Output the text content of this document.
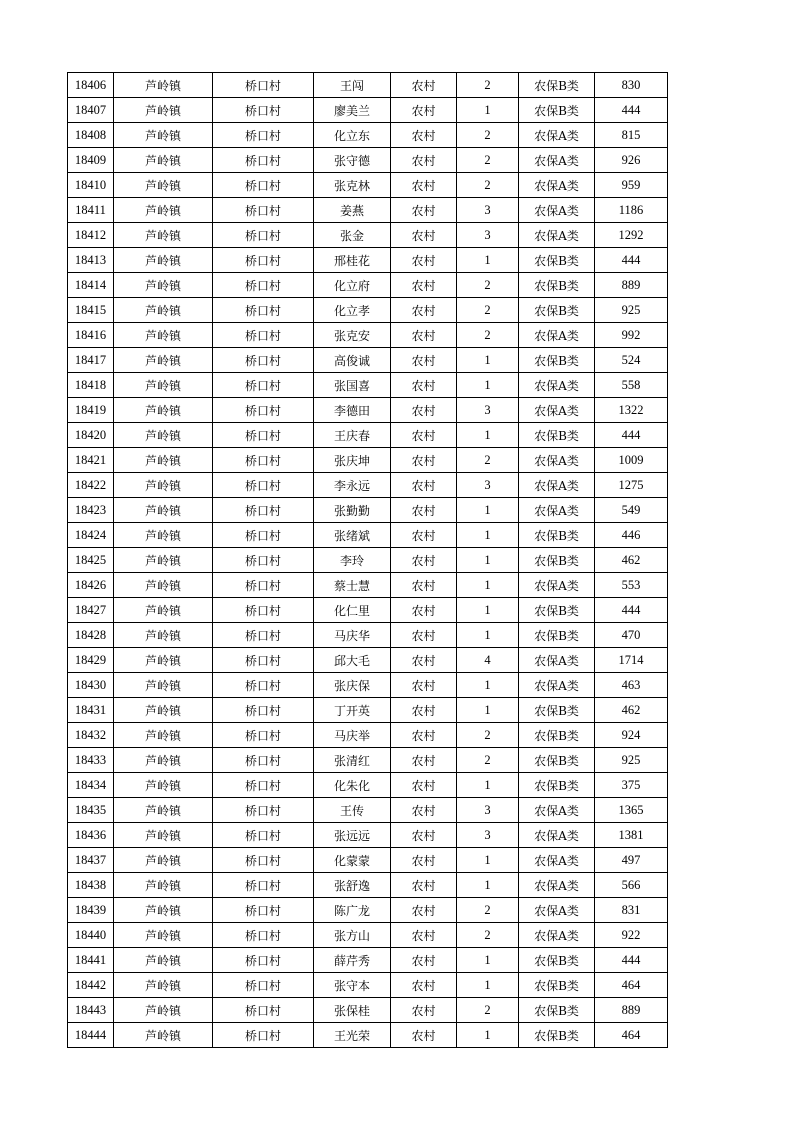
18406	芦岭镇	桥口村	王闯	农村	2	农保B类	830
18407	芦岭镇	桥口村	廖美兰	农村	1	农保B类	444
18408	芦岭镇	桥口村	化立东	农村	2	农保A类	815
18409	芦岭镇	桥口村	张守德	农村	2	农保A类	926
18410	芦岭镇	桥口村	张克林	农村	2	农保A类	959
18411	芦岭镇	桥口村	姜燕	农村	3	农保A类	1186
18412	芦岭镇	桥口村	张金	农村	3	农保A类	1292
18413	芦岭镇	桥口村	邢桂花	农村	1	农保B类	444
18414	芦岭镇	桥口村	化立府	农村	2	农保B类	889
18415	芦岭镇	桥口村	化立孝	农村	2	农保B类	925
18416	芦岭镇	桥口村	张克安	农村	2	农保A类	992
18417	芦岭镇	桥口村	高俊诚	农村	1	农保B类	524
18418	芦岭镇	桥口村	张国喜	农村	1	农保A类	558
18419	芦岭镇	桥口村	李德田	农村	3	农保A类	1322
18420	芦岭镇	桥口村	王庆春	农村	1	农保B类	444
18421	芦岭镇	桥口村	张庆坤	农村	2	农保A类	1009
18422	芦岭镇	桥口村	李永远	农村	3	农保A类	1275
18423	芦岭镇	桥口村	张勤勤	农村	1	农保A类	549
18424	芦岭镇	桥口村	张绪斌	农村	1	农保B类	446
18425	芦岭镇	桥口村	李玲	农村	1	农保B类	462
18426	芦岭镇	桥口村	蔡士慧	农村	1	农保A类	553
18427	芦岭镇	桥口村	化仁里	农村	1	农保B类	444
18428	芦岭镇	桥口村	马庆华	农村	1	农保B类	470
18429	芦岭镇	桥口村	邱大毛	农村	4	农保A类	1714
18430	芦岭镇	桥口村	张庆保	农村	1	农保A类	463
18431	芦岭镇	桥口村	丁开英	农村	1	农保B类	462
18432	芦岭镇	桥口村	马庆举	农村	2	农保B类	924
18433	芦岭镇	桥口村	张清红	农村	2	农保B类	925
18434	芦岭镇	桥口村	化朱化	农村	1	农保B类	375
18435	芦岭镇	桥口村	王传	农村	3	农保A类	1365
18436	芦岭镇	桥口村	张远远	农村	3	农保A类	1381
18437	芦岭镇	桥口村	化蒙蒙	农村	1	农保A类	497
18438	芦岭镇	桥口村	张舒逸	农村	1	农保A类	566
18439	芦岭镇	桥口村	陈广龙	农村	2	农保A类	831
18440	芦岭镇	桥口村	张方山	农村	2	农保A类	922
18441	芦岭镇	桥口村	薛芹秀	农村	1	农保B类	444
18442	芦岭镇	桥口村	张守本	农村	1	农保B类	464
18443	芦岭镇	桥口村	张保桂	农村	2	农保B类	889
18444	芦岭镇	桥口村	王光荣	农村	1	农保B类	464
